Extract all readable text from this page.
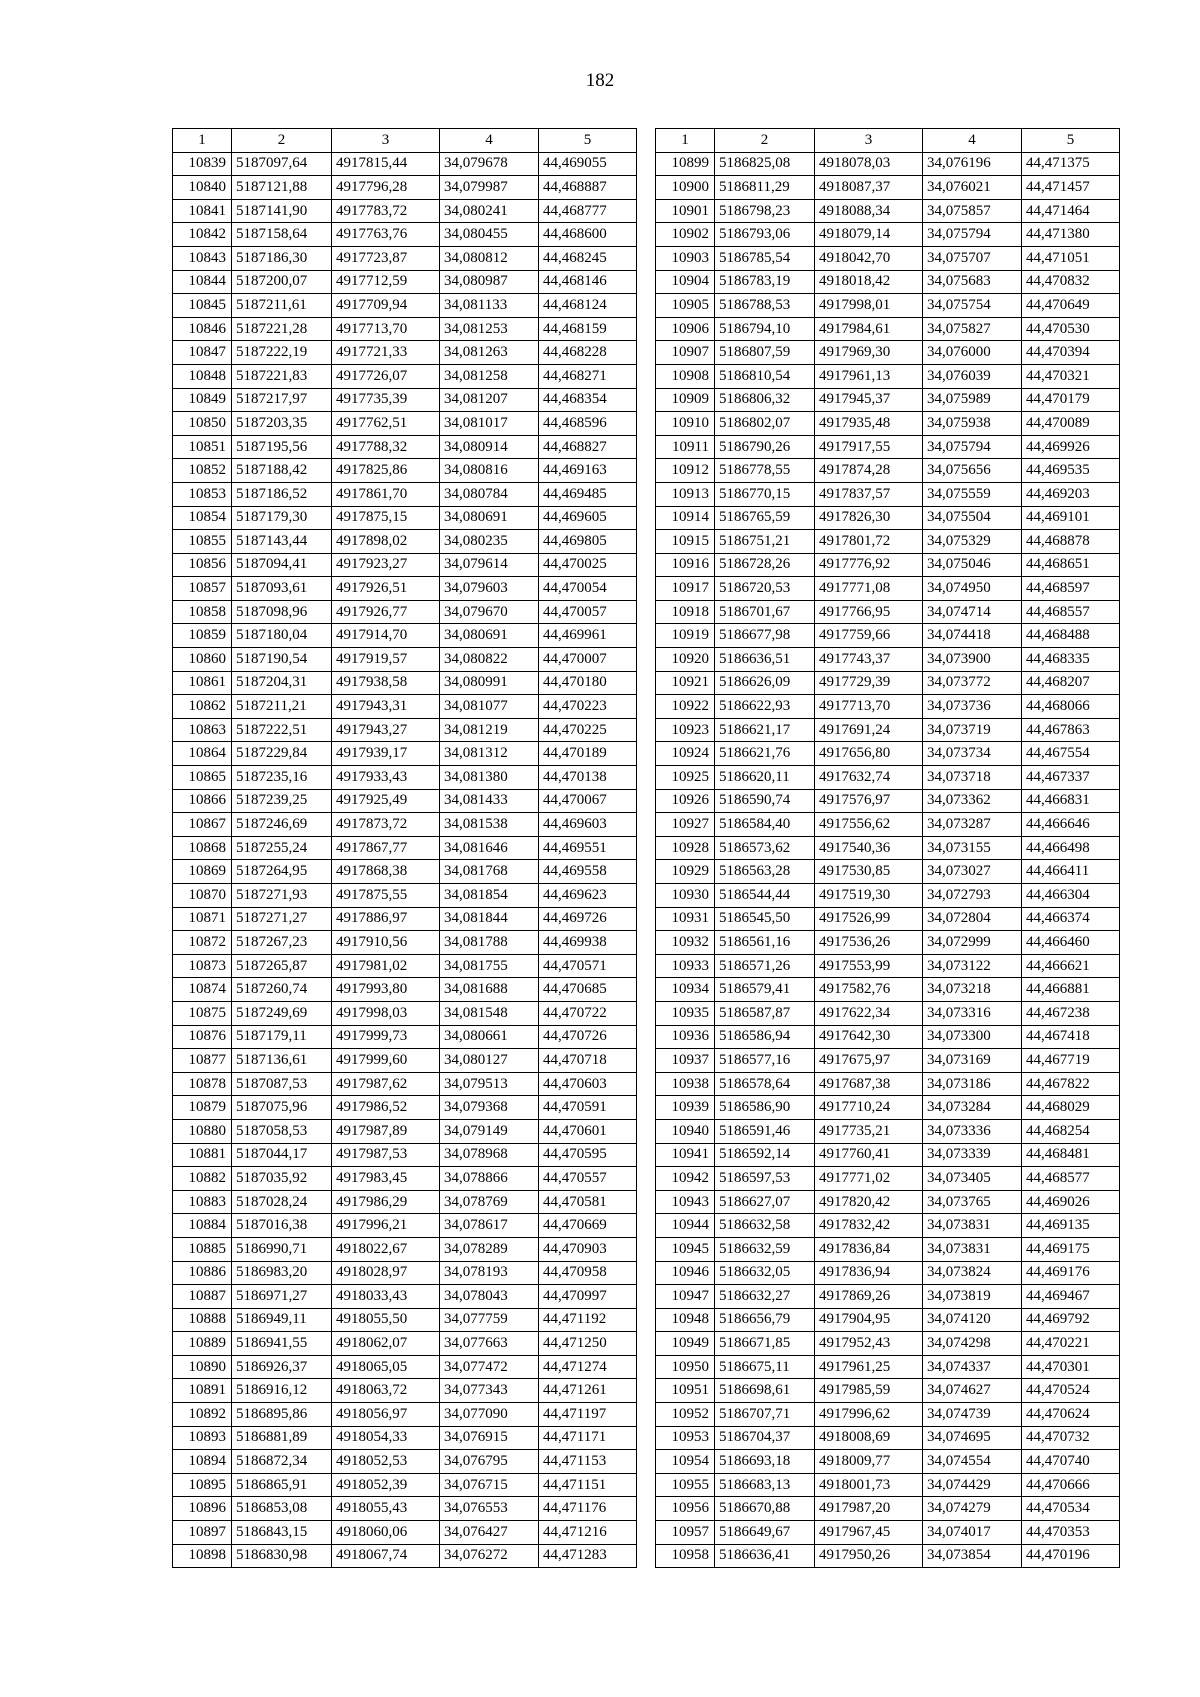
182
1	2	3	4	5
10839	5187097,64	4917815,44	34,079678	44,469055
10840	5187121,88	4917796,28	34,079987	44,468887
10841	5187141,90	4917783,72	34,080241	44,468777
10842	5187158,64	4917763,76	34,080455	44,468600
10843	5187186,30	4917723,87	34,080812	44,468245
10844	5187200,07	4917712,59	34,080987	44,468146
10845	5187211,61	4917709,94	34,081133	44,468124
10846	5187221,28	4917713,70	34,081253	44,468159
10847	5187222,19	4917721,33	34,081263	44,468228
10848	5187221,83	4917726,07	34,081258	44,468271
10849	5187217,97	4917735,39	34,081207	44,468354
10850	5187203,35	4917762,51	34,081017	44,468596
10851	5187195,56	4917788,32	34,080914	44,468827
10852	5187188,42	4917825,86	34,080816	44,469163
10853	5187186,52	4917861,70	34,080784	44,469485
10854	5187179,30	4917875,15	34,080691	44,469605
10855	5187143,44	4917898,02	34,080235	44,469805
10856	5187094,41	4917923,27	34,079614	44,470025
10857	5187093,61	4917926,51	34,079603	44,470054
10858	5187098,96	4917926,77	34,079670	44,470057
10859	5187180,04	4917914,70	34,080691	44,469961
10860	5187190,54	4917919,57	34,080822	44,470007
10861	5187204,31	4917938,58	34,080991	44,470180
10862	5187211,21	4917943,31	34,081077	44,470223
10863	5187222,51	4917943,27	34,081219	44,470225
10864	5187229,84	4917939,17	34,081312	44,470189
10865	5187235,16	4917933,43	34,081380	44,470138
10866	5187239,25	4917925,49	34,081433	44,470067
10867	5187246,69	4917873,72	34,081538	44,469603
10868	5187255,24	4917867,77	34,081646	44,469551
10869	5187264,95	4917868,38	34,081768	44,469558
10870	5187271,93	4917875,55	34,081854	44,469623
10871	5187271,27	4917886,97	34,081844	44,469726
10872	5187267,23	4917910,56	34,081788	44,469938
10873	5187265,87	4917981,02	34,081755	44,470571
10874	5187260,74	4917993,80	34,081688	44,470685
10875	5187249,69	4917998,03	34,081548	44,470722
10876	5187179,11	4917999,73	34,080661	44,470726
10877	5187136,61	4917999,60	34,080127	44,470718
10878	5187087,53	4917987,62	34,079513	44,470603
10879	5187075,96	4917986,52	34,079368	44,470591
10880	5187058,53	4917987,89	34,079149	44,470601
10881	5187044,17	4917987,53	34,078968	44,470595
10882	5187035,92	4917983,45	34,078866	44,470557
10883	5187028,24	4917986,29	34,078769	44,470581
10884	5187016,38	4917996,21	34,078617	44,470669
10885	5186990,71	4918022,67	34,078289	44,470903
10886	5186983,20	4918028,97	34,078193	44,470958
10887	5186971,27	4918033,43	34,078043	44,470997
10888	5186949,11	4918055,50	34,077759	44,471192
10889	5186941,55	4918062,07	34,077663	44,471250
10890	5186926,37	4918065,05	34,077472	44,471274
10891	5186916,12	4918063,72	34,077343	44,471261
10892	5186895,86	4918056,97	34,077090	44,471197
10893	5186881,89	4918054,33	34,076915	44,471171
10894	5186872,34	4918052,53	34,076795	44,471153
10895	5186865,91	4918052,39	34,076715	44,471151
10896	5186853,08	4918055,43	34,076553	44,471176
10897	5186843,15	4918060,06	34,076427	44,471216
10898	5186830,98	4918067,74	34,076272	44,471283
1	2	3	4	5
10899	5186825,08	4918078,03	34,076196	44,471375
10900	5186811,29	4918087,37	34,076021	44,471457
10901	5186798,23	4918088,34	34,075857	44,471464
10902	5186793,06	4918079,14	34,075794	44,471380
10903	5186785,54	4918042,70	34,075707	44,471051
10904	5186783,19	4918018,42	34,075683	44,470832
10905	5186788,53	4917998,01	34,075754	44,470649
10906	5186794,10	4917984,61	34,075827	44,470530
10907	5186807,59	4917969,30	34,076000	44,470394
10908	5186810,54	4917961,13	34,076039	44,470321
10909	5186806,32	4917945,37	34,075989	44,470179
10910	5186802,07	4917935,48	34,075938	44,470089
10911	5186790,26	4917917,55	34,075794	44,469926
10912	5186778,55	4917874,28	34,075656	44,469535
10913	5186770,15	4917837,57	34,075559	44,469203
10914	5186765,59	4917826,30	34,075504	44,469101
10915	5186751,21	4917801,72	34,075329	44,468878
10916	5186728,26	4917776,92	34,075046	44,468651
10917	5186720,53	4917771,08	34,074950	44,468597
10918	5186701,67	4917766,95	34,074714	44,468557
10919	5186677,98	4917759,66	34,074418	44,468488
10920	5186636,51	4917743,37	34,073900	44,468335
10921	5186626,09	4917729,39	34,073772	44,468207
10922	5186622,93	4917713,70	34,073736	44,468066
10923	5186621,17	4917691,24	34,073719	44,467863
10924	5186621,76	4917656,80	34,073734	44,467554
10925	5186620,11	4917632,74	34,073718	44,467337
10926	5186590,74	4917576,97	34,073362	44,466831
10927	5186584,40	4917556,62	34,073287	44,466646
10928	5186573,62	4917540,36	34,073155	44,466498
10929	5186563,28	4917530,85	34,073027	44,466411
10930	5186544,44	4917519,30	34,072793	44,466304
10931	5186545,50	4917526,99	34,072804	44,466374
10932	5186561,16	4917536,26	34,072999	44,466460
10933	5186571,26	4917553,99	34,073122	44,466621
10934	5186579,41	4917582,76	34,073218	44,466881
10935	5186587,87	4917622,34	34,073316	44,467238
10936	5186586,94	4917642,30	34,073300	44,467418
10937	5186577,16	4917675,97	34,073169	44,467719
10938	5186578,64	4917687,38	34,073186	44,467822
10939	5186586,90	4917710,24	34,073284	44,468029
10940	5186591,46	4917735,21	34,073336	44,468254
10941	5186592,14	4917760,41	34,073339	44,468481
10942	5186597,53	4917771,02	34,073405	44,468577
10943	5186627,07	4917820,42	34,073765	44,469026
10944	5186632,58	4917832,42	34,073831	44,469135
10945	5186632,59	4917836,84	34,073831	44,469175
10946	5186632,05	4917836,94	34,073824	44,469176
10947	5186632,27	4917869,26	34,073819	44,469467
10948	5186656,79	4917904,95	34,074120	44,469792
10949	5186671,85	4917952,43	34,074298	44,470221
10950	5186675,11	4917961,25	34,074337	44,470301
10951	5186698,61	4917985,59	34,074627	44,470524
10952	5186707,71	4917996,62	34,074739	44,470624
10953	5186704,37	4918008,69	34,074695	44,470732
10954	5186693,18	4918009,77	34,074554	44,470740
10955	5186683,13	4918001,73	34,074429	44,470666
10956	5186670,88	4917987,20	34,074279	44,470534
10957	5186649,67	4917967,45	34,074017	44,470353
10958	5186636,41	4917950,26	34,073854	44,470196
